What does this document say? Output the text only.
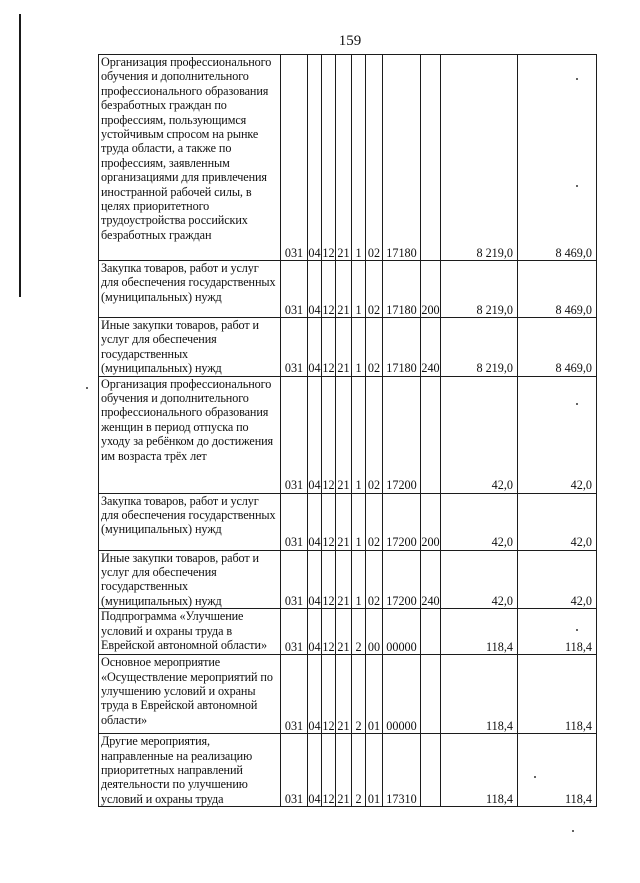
159
Организация профессионального обучения и дополнительного профессионального образования безработных граждан по профессиям, пользующимся устойчивым спросом на рынке труда области, а также по профессиям, заявленным организациями для привлечения иностранной рабочей силы, в целях приоритетного трудоустройства российских безработных граждан	031	04	12	21	1	02	17180		8 219,0	8 469,0
Закупка товаров, работ и услуг для обеспечения государственных (муниципальных) нужд	031	04	12	21	1	02	17180	200	8 219,0	8 469,0
Иные закупки товаров, работ и услуг для обеспечения государственных (муниципальных) нужд	031	04	12	21	1	02	17180	240	8 219,0	8 469,0
Организация профессионального обучения и дополнительного профессионального образования женщин в период отпуска по уходу за ребёнком до достижения им возраста трёх лет	031	04	12	21	1	02	17200		42,0	42,0
Закупка товаров, работ и услуг для обеспечения государственных (муниципальных) нужд	031	04	12	21	1	02	17200	200	42,0	42,0
Иные закупки товаров, работ и услуг для обеспечения государственных (муниципальных) нужд	031	04	12	21	1	02	17200	240	42,0	42,0
Подпрограмма «Улучшение условий и охраны труда в Еврейской автономной области»	031	04	12	21	2	00	00000		118,4	118,4
Основное мероприятие «Осуществление мероприятий по улучшению условий и охраны труда в Еврейской автономной области»	031	04	12	21	2	01	00000		118,4	118,4
Другие мероприятия, направленные на реализацию приоритетных направлений деятельности по улучшению условий и охраны труда	031	04	12	21	2	01	17310		118,4	118,4
